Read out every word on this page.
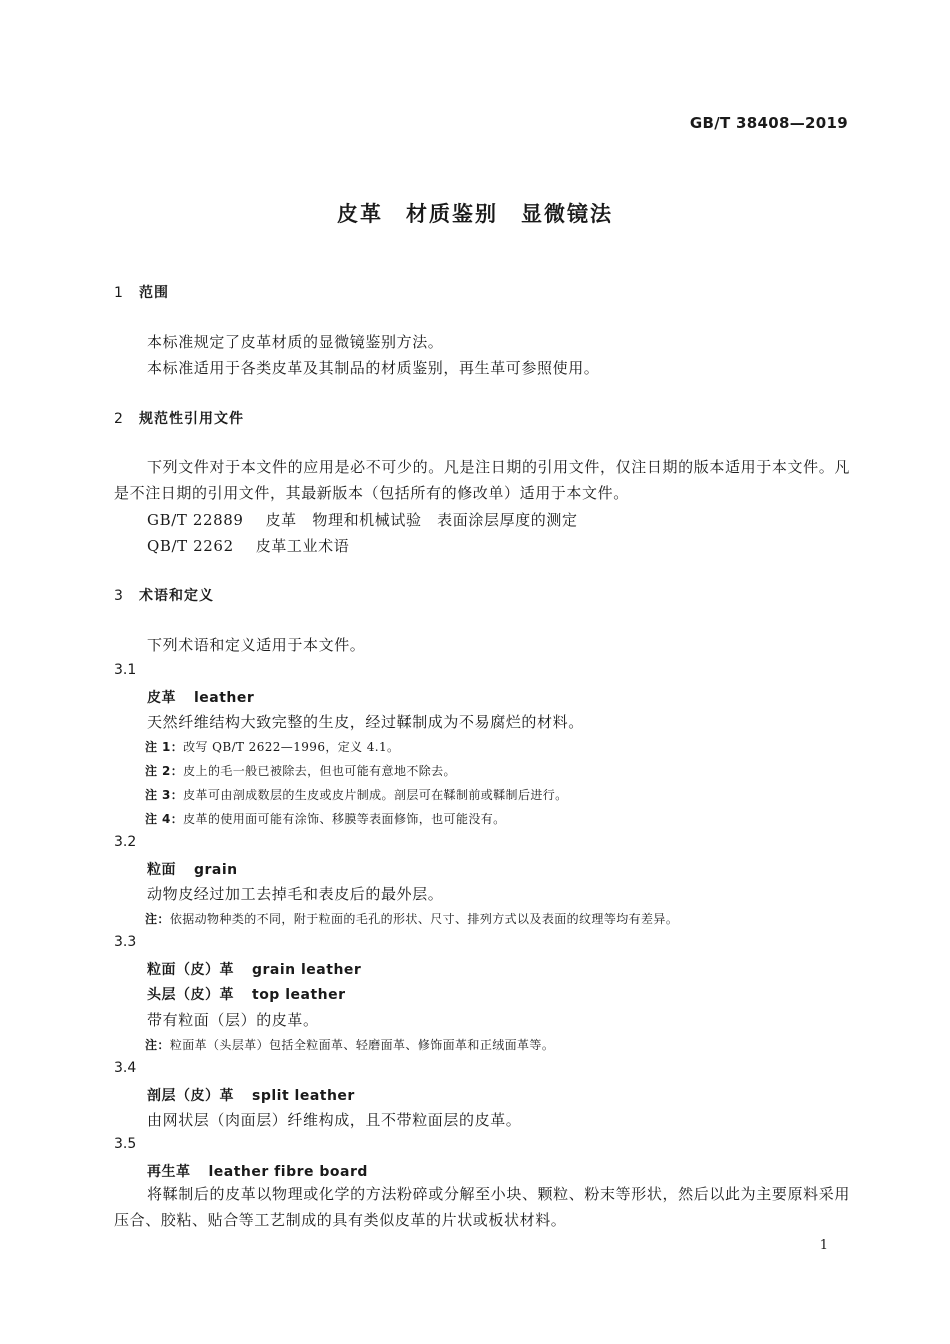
GB/T 38408—2019
皮革　材质鉴别　显微镜法
1 范围
本标准规定了皮革材质的显微镜鉴别方法。
本标准适用于各类皮革及其制品的材质鉴别，再生革可参照使用。
2 规范性引用文件
下列文件对于本文件的应用是必不可少的。凡是注日期的引用文件，仅注日期的版本适用于本文件。凡是不注日期的引用文件，其最新版本（包括所有的修改单）适用于本文件。
GB/T 22889 皮革　物理和机械试验　表面涂层厚度的测定
QB/T 2262 皮革工业术语
3 术语和定义
下列术语和定义适用于本文件。
3.1
皮革 leather
天然纤维结构大致完整的生皮，经过鞣制成为不易腐烂的材料。
注 1：改写 QB/T 2622—1996，定义 4.1。
注 2：皮上的毛一般已被除去，但也可能有意地不除去。
注 3：皮革可由剖成数层的生皮或皮片制成。剖层可在鞣制前或鞣制后进行。
注 4：皮革的使用面可能有涂饰、移膜等表面修饰，也可能没有。
3.2
粒面 grain
动物皮经过加工去掉毛和表皮后的最外层。
注：依据动物种类的不同，附于粒面的毛孔的形状、尺寸、排列方式以及表面的纹理等均有差异。
3.3
粒面（皮）革 grain leather
头层（皮）革 top leather
带有粒面（层）的皮革。
注：粒面革（头层革）包括全粒面革、轻磨面革、修饰面革和正绒面革等。
3.4
剖层（皮）革 split leather
由网状层（肉面层）纤维构成，且不带粒面层的皮革。
3.5
再生革 leather fibre board
将鞣制后的皮革以物理或化学的方法粉碎或分解至小块、颗粒、粉末等形状，然后以此为主要原料采用压合、胶粘、贴合等工艺制成的具有类似皮革的片状或板状材料。
1
